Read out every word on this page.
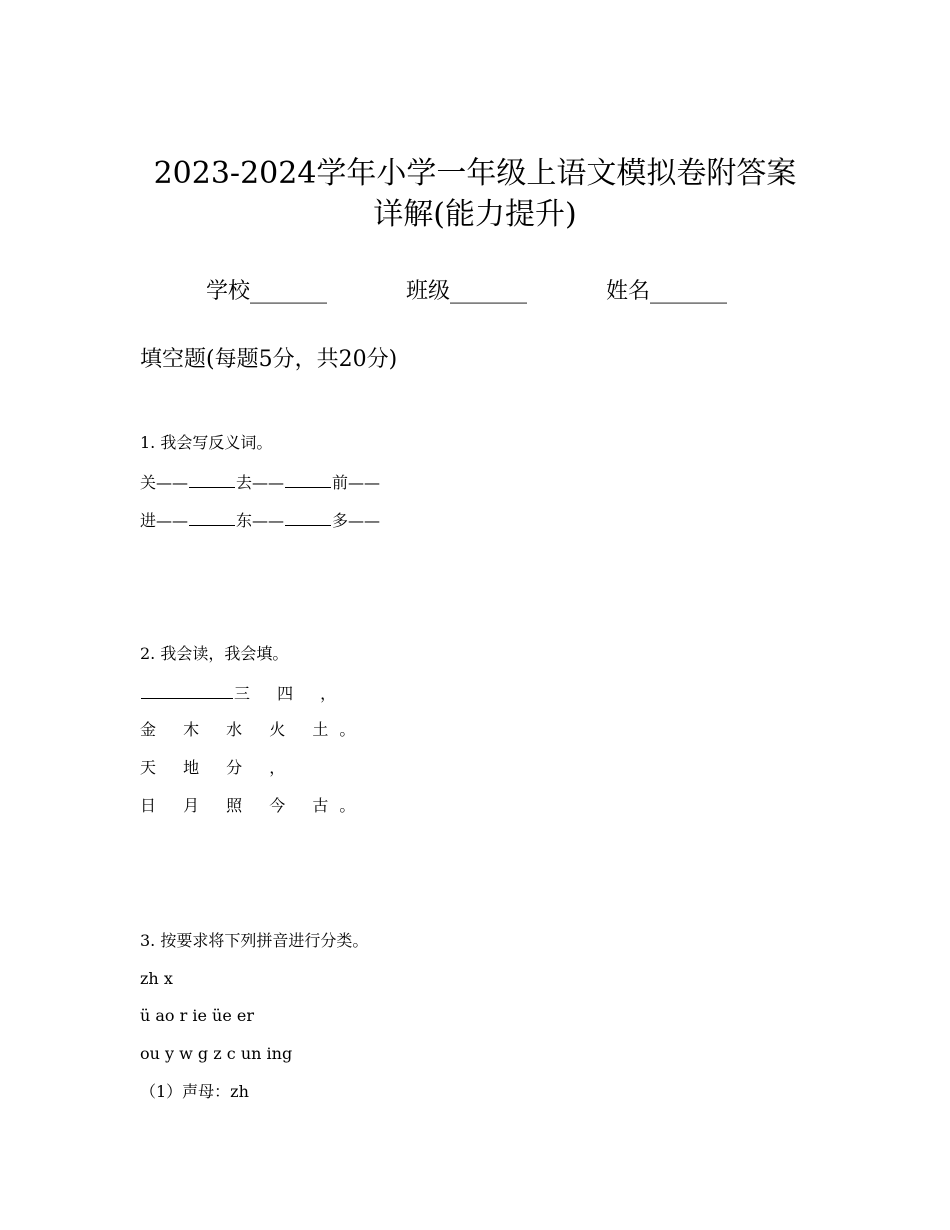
2023-2024学年小学一年级上语文模拟卷附答案
详解(能力提升)
学校_______	班级_______	姓名_______
填空题(每题5分，共20分)
1. 我会写反义词。
关——	去——	前——
进——	东——	多——
2. 我会读，我会填。
三 四 ，
金 木 水 火 土。
天 地 分 ，
日 月 照 今 古。
3. 按要求将下列拼音进行分类。
zh x
ü ao r ie üe er
ou y w g z c un ing
（1）声母：zh
